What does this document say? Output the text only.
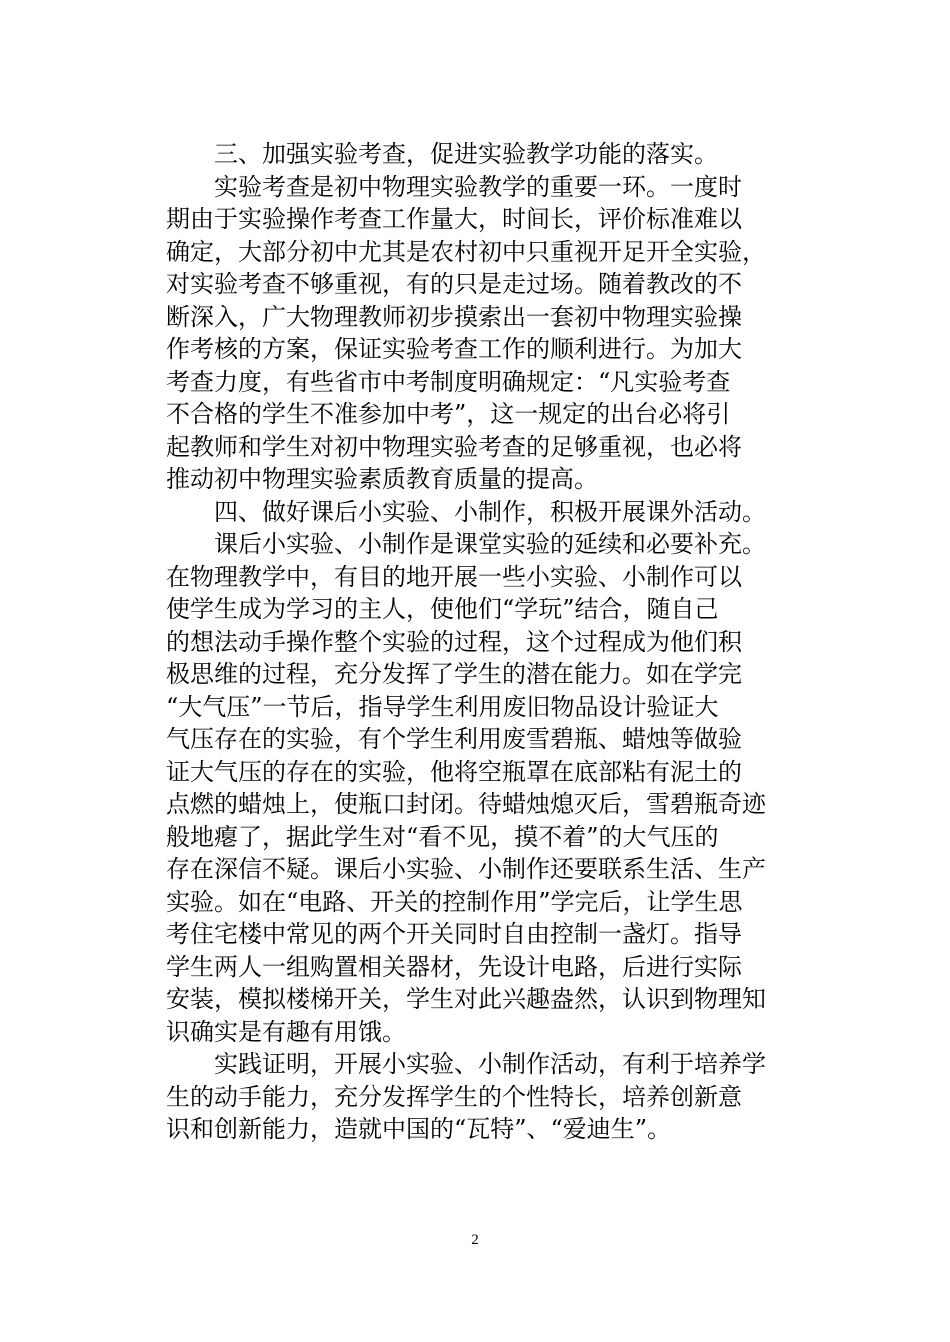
　　三、加强实验考查，促进实验教学功能的落实。
　　实验考查是初中物理实验教学的重要一环。一度时
期由于实验操作考查工作量大，时间长，评价标准难以
确定，大部分初中尤其是农村初中只重视开足开全实验，
对实验考查不够重视，有的只是走过场。随着教改的不
断深入，广大物理教师初步摸索出一套初中物理实验操
作考核的方案，保证实验考查工作的顺利进行。为加大
考查力度，有些省市中考制度明确规定：“凡实验考查
不合格的学生不准参加中考”，这一规定的出台必将引
起教师和学生对初中物理实验考查的足够重视，也必将
推动初中物理实验素质教育质量的提高。
　　四、做好课后小实验、小制作，积极开展课外活动。
　　课后小实验、小制作是课堂实验的延续和必要补充。
在物理教学中，有目的地开展一些小实验、小制作可以
使学生成为学习的主人，使他们“学玩”结合，随自己
的想法动手操作整个实验的过程，这个过程成为他们积
极思维的过程，充分发挥了学生的潜在能力。如在学完
“大气压”一节后，指导学生利用废旧物品设计验证大
气压存在的实验，有个学生利用废雪碧瓶、蜡烛等做验
证大气压的存在的实验，他将空瓶罩在底部粘有泥土的
点燃的蜡烛上，使瓶口封闭。待蜡烛熄灭后，雪碧瓶奇迹
般地瘪了，据此学生对“看不见，摸不着”的大气压的
存在深信不疑。课后小实验、小制作还要联系生活、生产
实验。如在“电路、开关的控制作用”学完后，让学生思
考住宅楼中常见的两个开关同时自由控制一盏灯。指导
学生两人一组购置相关器材，先设计电路，后进行实际
安装，模拟楼梯开关，学生对此兴趣盎然，认识到物理知
识确实是有趣有用饿。
　　实践证明，开展小实验、小制作活动，有利于培养学
生的动手能力，充分发挥学生的个性特长，培养创新意
识和创新能力，造就中国的“瓦特”、“爱迪生”。
2
